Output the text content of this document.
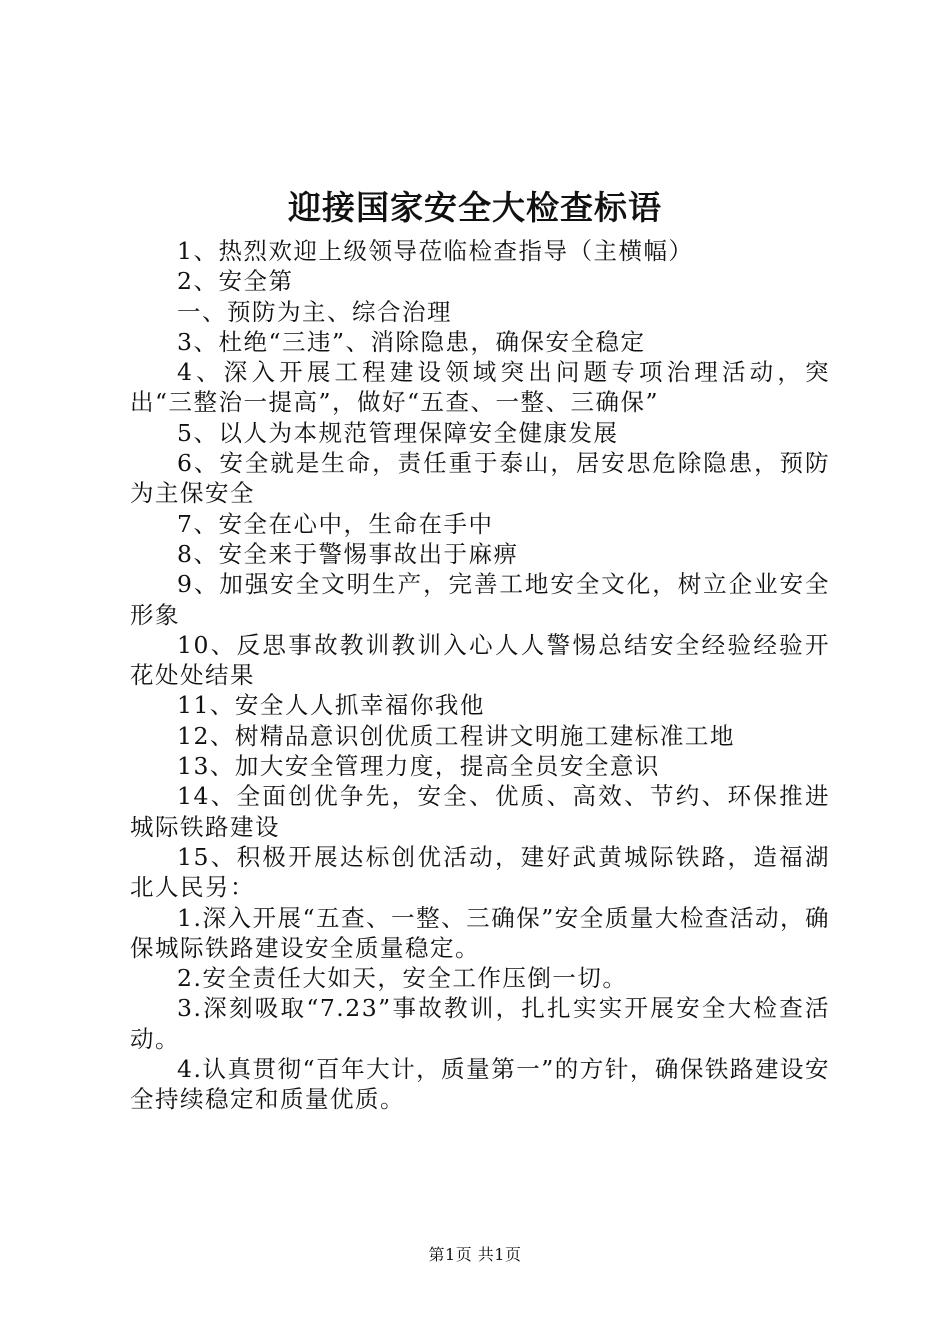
迎接国家安全大检查标语

1、热烈欢迎上级领导莅临检查指导（主横幅）

2、安全第

一、预防为主、综合治理

3、杜绝“三违”、消除隐患，确保安全稳定

4、深入开展工程建设领域突出问题专项治理活动，突出“三整治一提高”，做好“五查、一整、三确保”

5、以人为本规范管理保障安全健康发展

6、安全就是生命，责任重于泰山，居安思危除隐患，预防为主保安全

7、安全在心中，生命在手中

8、安全来于警惕事故出于麻痹

9、加强安全文明生产，完善工地安全文化，树立企业安全形象

10、反思事故教训教训入心人人警惕总结安全经验经验开花处处结果

11、安全人人抓幸福你我他

12、树精品意识创优质工程讲文明施工建标准工地

13、加大安全管理力度，提高全员安全意识

14、全面创优争先，安全、优质、高效、节约、环保推进城际铁路建设

15、积极开展达标创优活动，建好武黄城际铁路，造福湖北人民另：

1.深入开展“五查、一整、三确保”安全质量大检查活动，确保城际铁路建设安全质量稳定。

2.安全责任大如天，安全工作压倒一切。

3.深刻吸取“7.23”事故教训，扎扎实实开展安全大检查活动。

4.认真贯彻“百年大计，质量第一”的方针，确保铁路建设安全持续稳定和质量优质。

第1页 共1页
